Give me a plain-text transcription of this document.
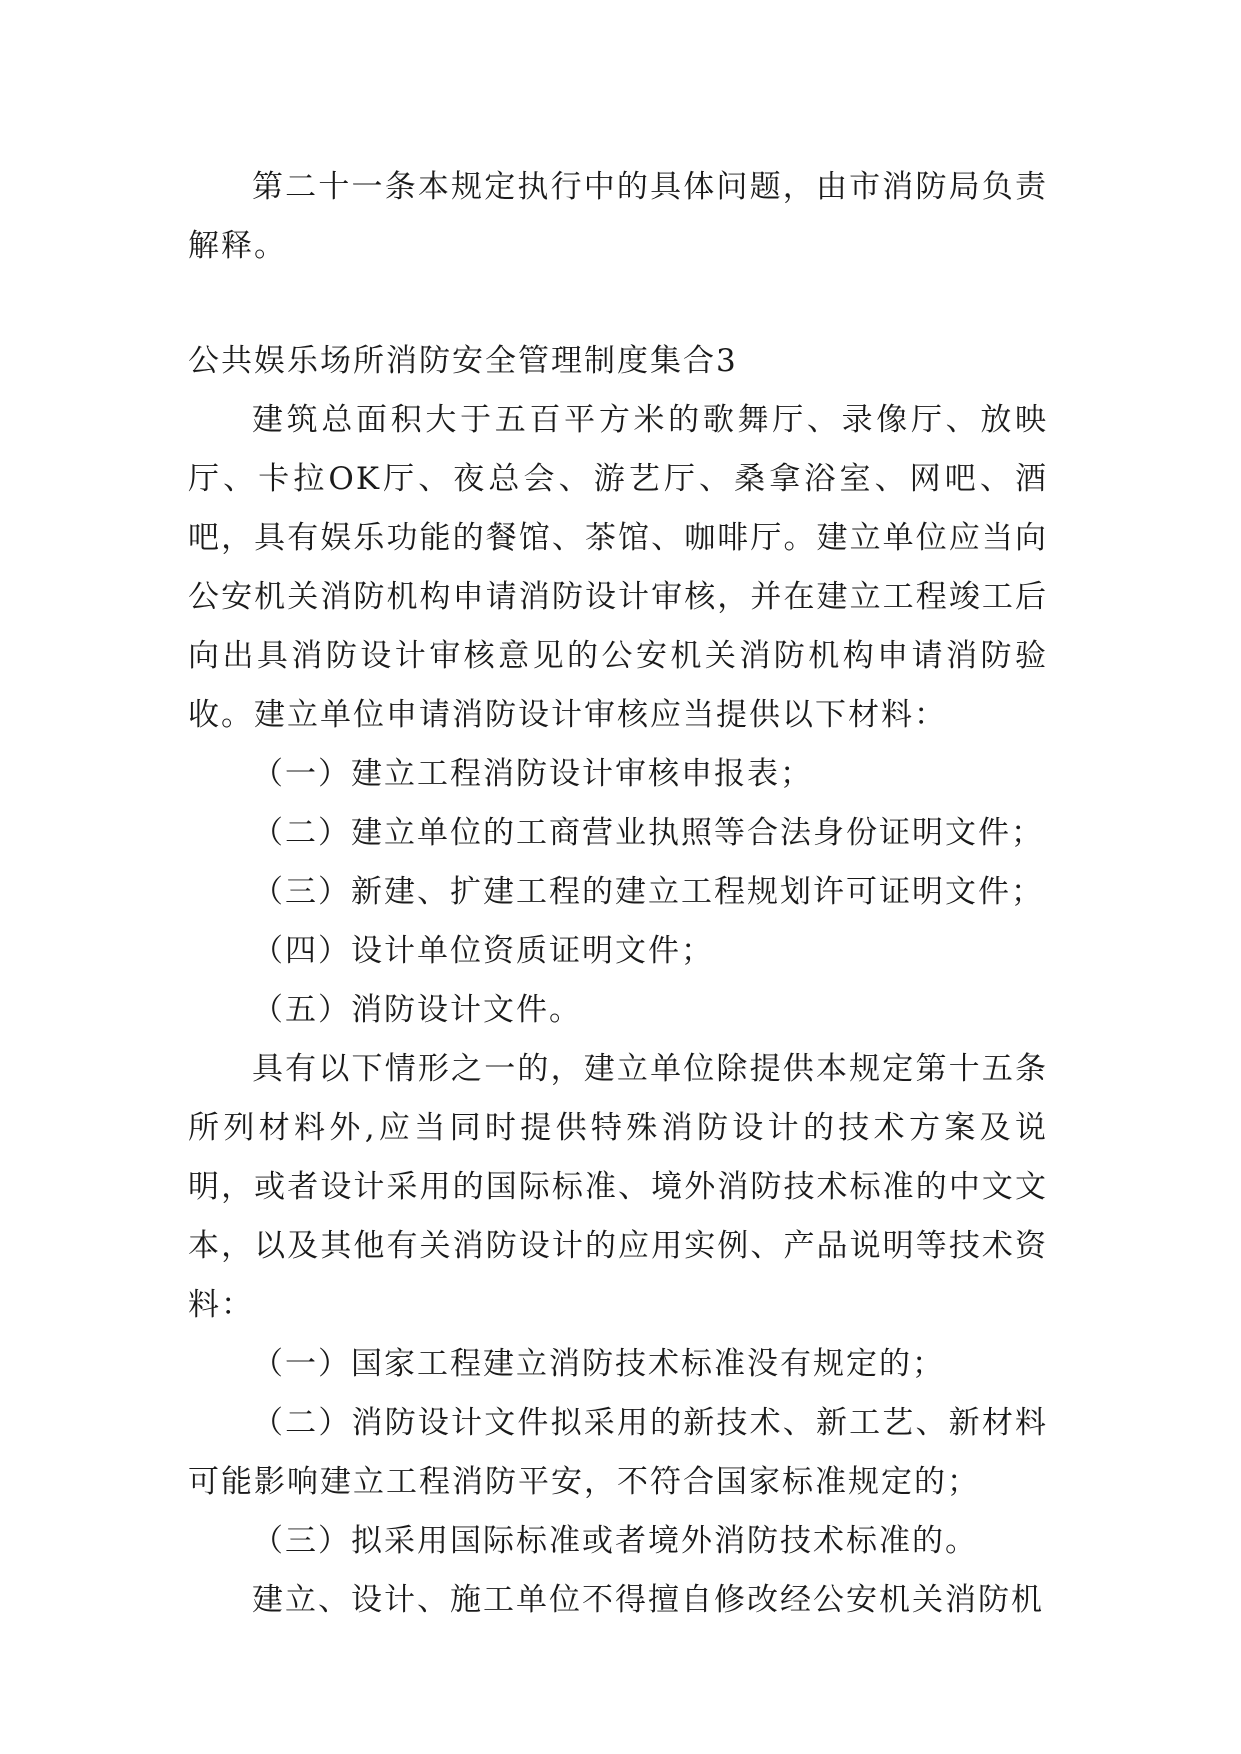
第二十一条本规定执行中的具体问题，由市消防局负责解释。

公共娱乐场所消防安全管理制度集合3

建筑总面积大于五百平方米的歌舞厅、录像厅、放映厅、卡拉OK厅、夜总会、游艺厅、桑拿浴室、网吧、酒吧，具有娱乐功能的餐馆、茶馆、咖啡厅。建立单位应当向公安机关消防机构申请消防设计审核，并在建立工程竣工后向出具消防设计审核意见的公安机关消防机构申请消防验收。建立单位申请消防设计审核应当提供以下材料：

（一）建立工程消防设计审核申报表；

（二）建立单位的工商营业执照等合法身份证明文件；

（三）新建、扩建工程的建立工程规划许可证明文件；

（四）设计单位资质证明文件；

（五）消防设计文件。

具有以下情形之一的，建立单位除提供本规定第十五条所列材料外,应当同时提供特殊消防设计的技术方案及说明，或者设计采用的国际标准、境外消防技术标准的中文文本，以及其他有关消防设计的应用实例、产品说明等技术资料：

（一）国家工程建立消防技术标准没有规定的；

（二）消防设计文件拟采用的新技术、新工艺、新材料可能影响建立工程消防平安，不符合国家标准规定的；

（三）拟采用国际标准或者境外消防技术标准的。

建立、设计、施工单位不得擅自修改经公安机关消防机
